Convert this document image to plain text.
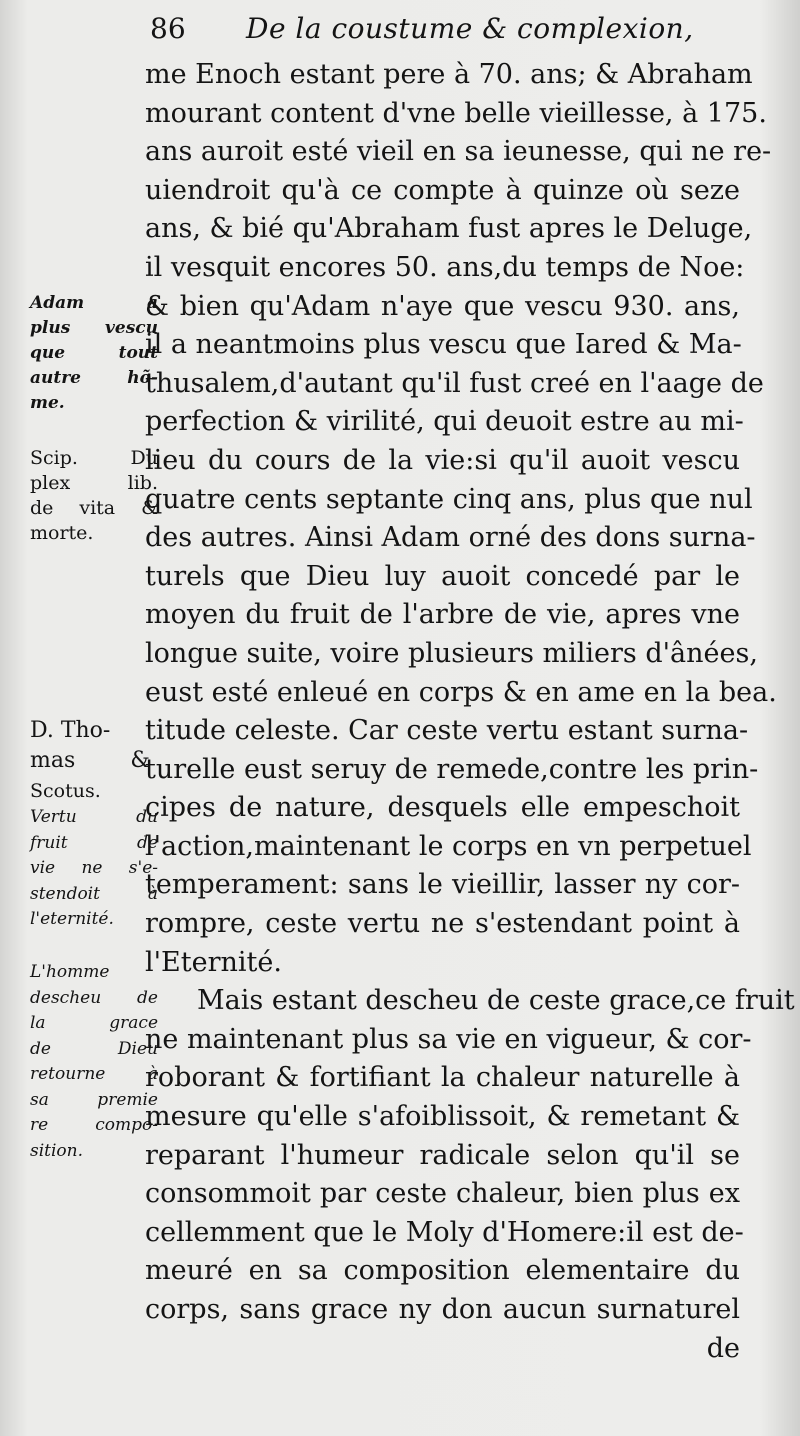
86 De la coustume & complexion,
me Enoch estant pere à 70. ans; & Abraham
mourant content d'vne belle vieillesse, à 175.
ans auroit esté vieil en sa ieunesse, qui ne re-
uiendroit qu'à ce compte à quinze où seze
ans, & bié qu'Abraham fust apres le Deluge,
il vesquit encores 50. ans,du temps de Noe:
& bien qu'Adam n'aye que vescu 930. ans,
il a neantmoins plus vescu que Iared & Ma-
thusalem,d'autant qu'il fust creé en l'aage de
perfection & virilité, qui deuoit estre au mi-
lieu du cours de la vie:si qu'il auoit vescu
quatre cents septante cinq ans, plus que nul
des autres. Ainsi Adam orné des dons surna-
turels que Dieu luy auoit concedé par le
moyen du fruit de l'arbre de vie, apres vne
longue suite, voire plusieurs miliers d'ânées,
eust esté enleué en corps & en ame en la bea.
titude celeste. Car ceste vertu estant surna-
turelle eust seruy de remede,contre les prin-
cipes de nature, desquels elle empeschoit
l'action,maintenant le corps en vn perpetuel
temperament: sans le vieillir, lasser ny cor-
rompre, ceste vertu ne s'estendant point à
l'Eternité.
Mais estant descheu de ceste grace,ce fruit
ne maintenant plus sa vie en vigueur, & cor-
roborant & fortifiant la chaleur naturelle à
mesure qu'elle s'afoiblissoit, & remetant &
reparant l'humeur radicale selon qu'il se
consommoit par ceste chaleur, bien plus ex
cellemment que le Moly d'Homere:il est de-
meuré en sa composition elementaire du
corps, sans grace ny don aucun surnaturel
de
Adam a
plus vescu
que tout
autre hõ-
me.
Scip. Du
plex lib.
de vita &
morte.
D. Tho-
mas &
Scotus.
Vertu du
fruit de
vie ne s'e-
stendoit à
l'eternité.
L'homme
descheu de
la grace
de Dieu
retourne à
sa premie
re compo-
sition.
